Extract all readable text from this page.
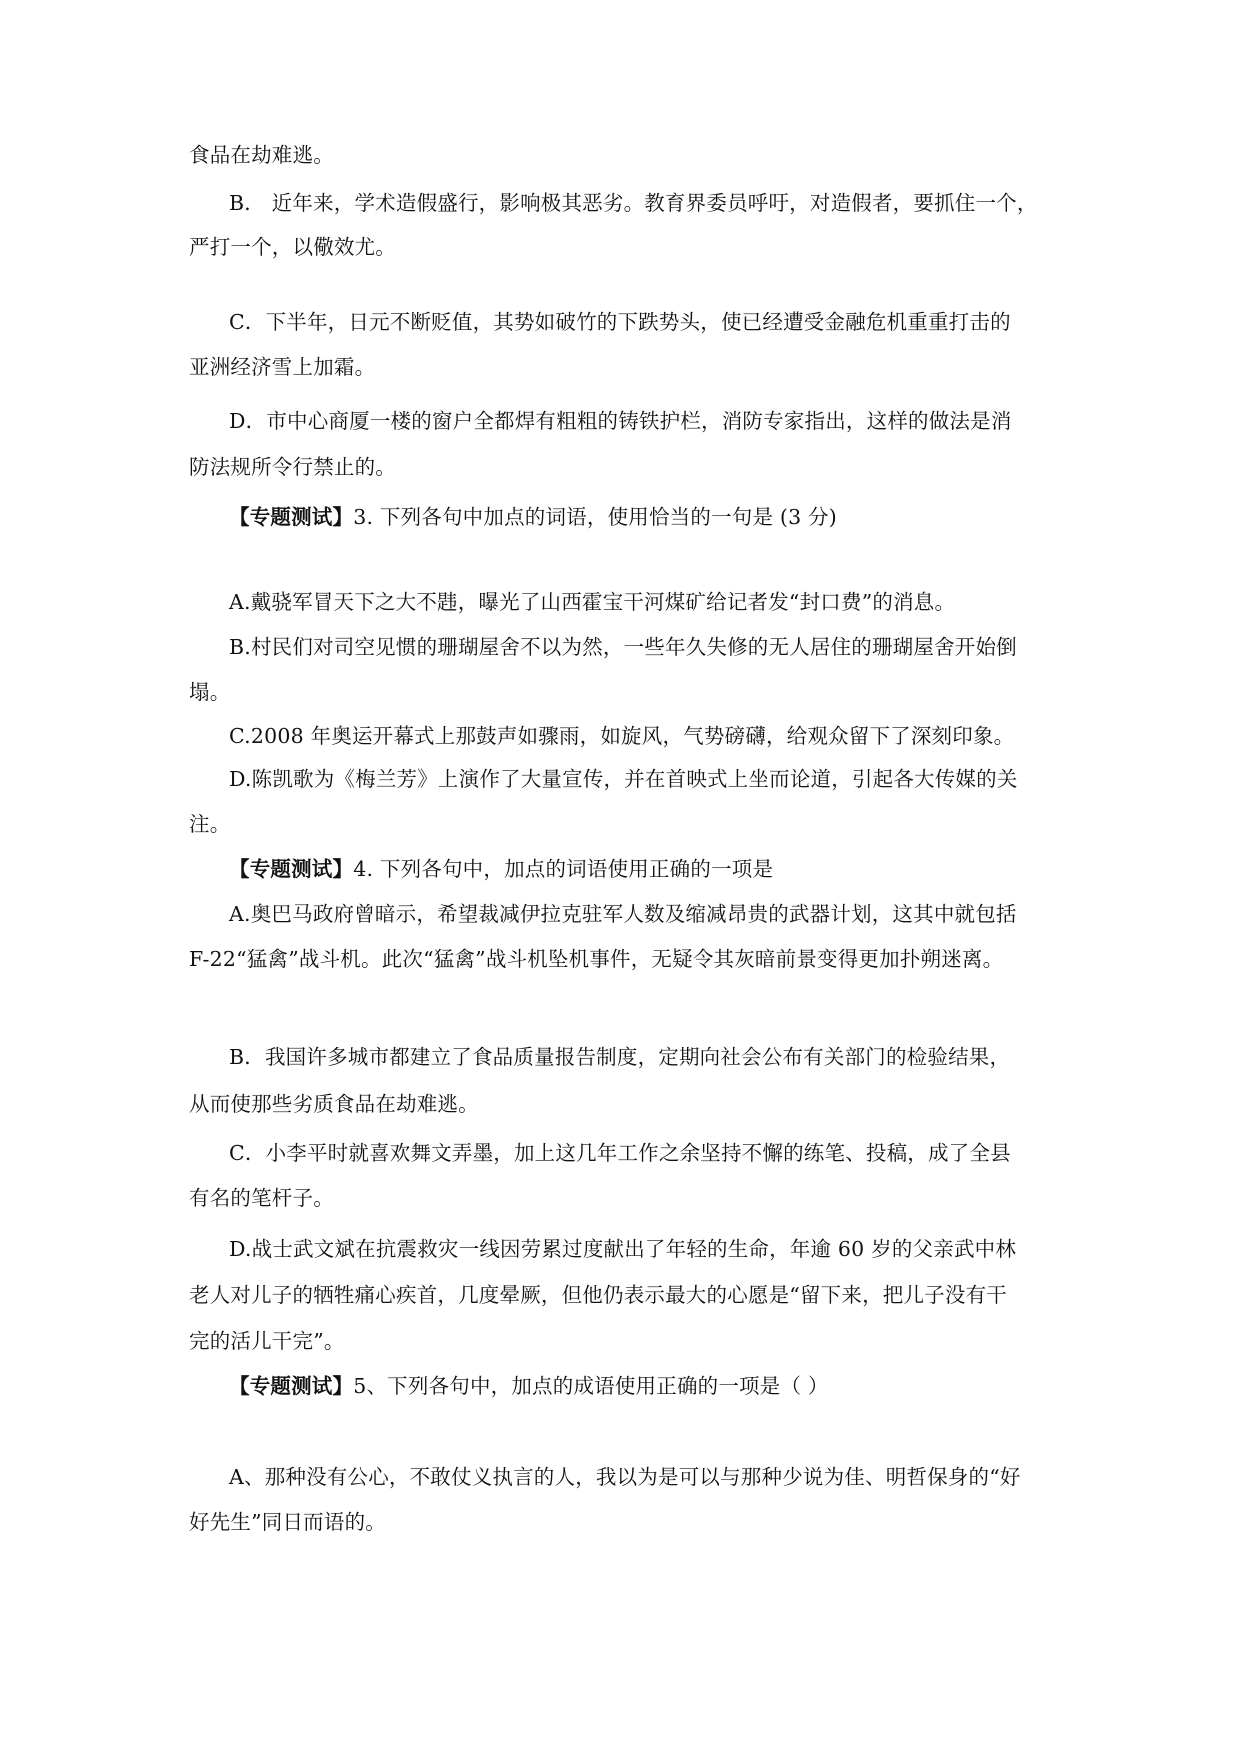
食品在劫难逃。
B． 近年来，学术造假盛行，影响极其恶劣。教育界委员呼吁，对造假者，要抓住一个，
严打一个，以儆效尤。
C．下半年，日元不断贬值，其势如破竹的下跌势头，使已经遭受金融危机重重打击的
亚洲经济雪上加霜。
D．市中心商厦一楼的窗户全都焊有粗粗的铸铁护栏，消防专家指出，这样的做法是消
防法规所令行禁止的。
【专题测试】3. 下列各句中加点的词语，使用恰当的一句是 (3 分)
A.戴骁军冒天下之大不韪，曝光了山西霍宝干河煤矿给记者发“封口费”的消息。
B.村民们对司空见惯的珊瑚屋舍不以为然，一些年久失修的无人居住的珊瑚屋舍开始倒
塌。
C.2008 年奥运开幕式上那鼓声如骤雨，如旋风，气势磅礴，给观众留下了深刻印象。
D.陈凯歌为《梅兰芳》上演作了大量宣传，并在首映式上坐而论道，引起各大传媒的关
注。
【专题测试】4. 下列各句中，加点的词语使用正确的一项是
A.奥巴马政府曾暗示，希望裁减伊拉克驻军人数及缩减昂贵的武器计划，这其中就包括
F-22“猛禽”战斗机。此次“猛禽”战斗机坠机事件，无疑令其灰暗前景变得更加扑朔迷离。
B．我国许多城市都建立了食品质量报告制度，定期向社会公布有关部门的检验结果，
从而使那些劣质食品在劫难逃。
C．小李平时就喜欢舞文弄墨，加上这几年工作之余坚持不懈的练笔、投稿，成了全县
有名的笔杆子。
D.战士武文斌在抗震救灾一线因劳累过度献出了年轻的生命，年逾 60 岁的父亲武中林
老人对儿子的牺牲痛心疾首，几度晕厥，但他仍表示最大的心愿是“留下来，把儿子没有干
完的活儿干完”。
【专题测试】5、下列各句中，加点的成语使用正确的一项是（ ）
A、那种没有公心，不敢仗义执言的人，我以为是可以与那种少说为佳、明哲保身的“好
好先生”同日而语的。
